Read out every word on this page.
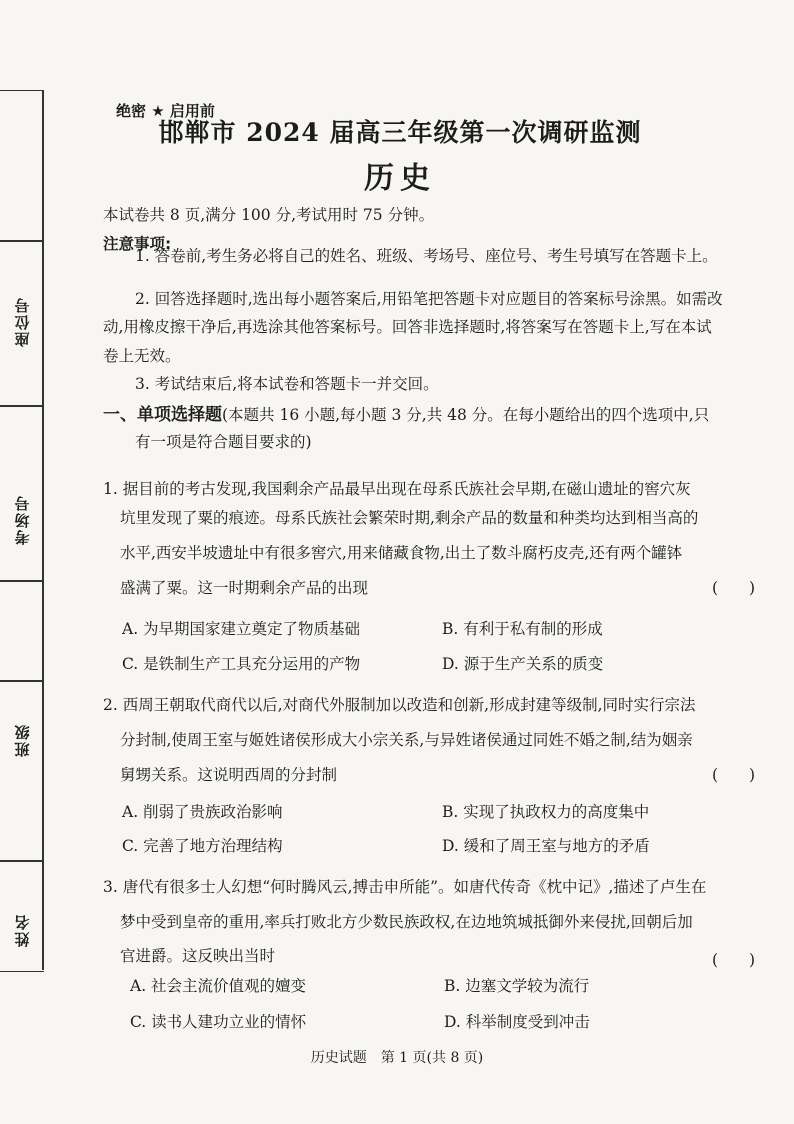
座位号
考场号
班级
姓名
绝密 ★ 启用前
邯郸市 2024 届高三年级第一次调研监测
历史
本试卷共 8 页,满分 100 分,考试用时 75 分钟。
注意事项:
1. 答卷前,考生务必将自己的姓名、班级、考场号、座位号、考生号填写在答题卡上。
2. 回答选择题时,选出每小题答案后,用铅笔把答题卡对应题目的答案标号涂黑。如需改
动,用橡皮擦干净后,再选涂其他答案标号。回答非选择题时,将答案写在答题卡上,写在本试
卷上无效。
3. 考试结束后,将本试卷和答题卡一并交回。
一、单项选择题(本题共 16 小题,每小题 3 分,共 48 分。在每小题给出的四个选项中,只
有一项是符合题目要求的)
1. 据目前的考古发现,我国剩余产品最早出现在母系氏族社会早期,在磁山遗址的窖穴灰
坑里发现了粟的痕迹。母系氏族社会繁荣时期,剩余产品的数量和种类均达到相当高的
水平,西安半坡遗址中有很多窖穴,用来储藏食物,出土了数斗腐朽皮壳,还有两个罐钵
盛满了粟。这一时期剩余产品的出现	(　　)
A. 为早期国家建立奠定了物质基础	B. 有利于私有制的形成
C. 是铁制生产工具充分运用的产物	D. 源于生产关系的质变
2. 西周王朝取代商代以后,对商代外服制加以改造和创新,形成封建等级制,同时实行宗法
分封制,使周王室与姬姓诸侯形成大小宗关系,与异姓诸侯通过同姓不婚之制,结为姻亲
舅甥关系。这说明西周的分封制	(　　)
A. 削弱了贵族政治影响	B. 实现了执政权力的高度集中
C. 完善了地方治理结构	D. 缓和了周王室与地方的矛盾
3. 唐代有很多士人幻想“何时腾风云,搏击申所能”。如唐代传奇《枕中记》,描述了卢生在
梦中受到皇帝的重用,率兵打败北方少数民族政权,在边地筑城抵御外来侵扰,回朝后加
官进爵。这反映出当时	(　　)
A. 社会主流价值观的嬗变	B. 边塞文学较为流行
C. 读书人建功立业的情怀	D. 科举制度受到冲击
历史试题　第 1 页(共 8 页)
